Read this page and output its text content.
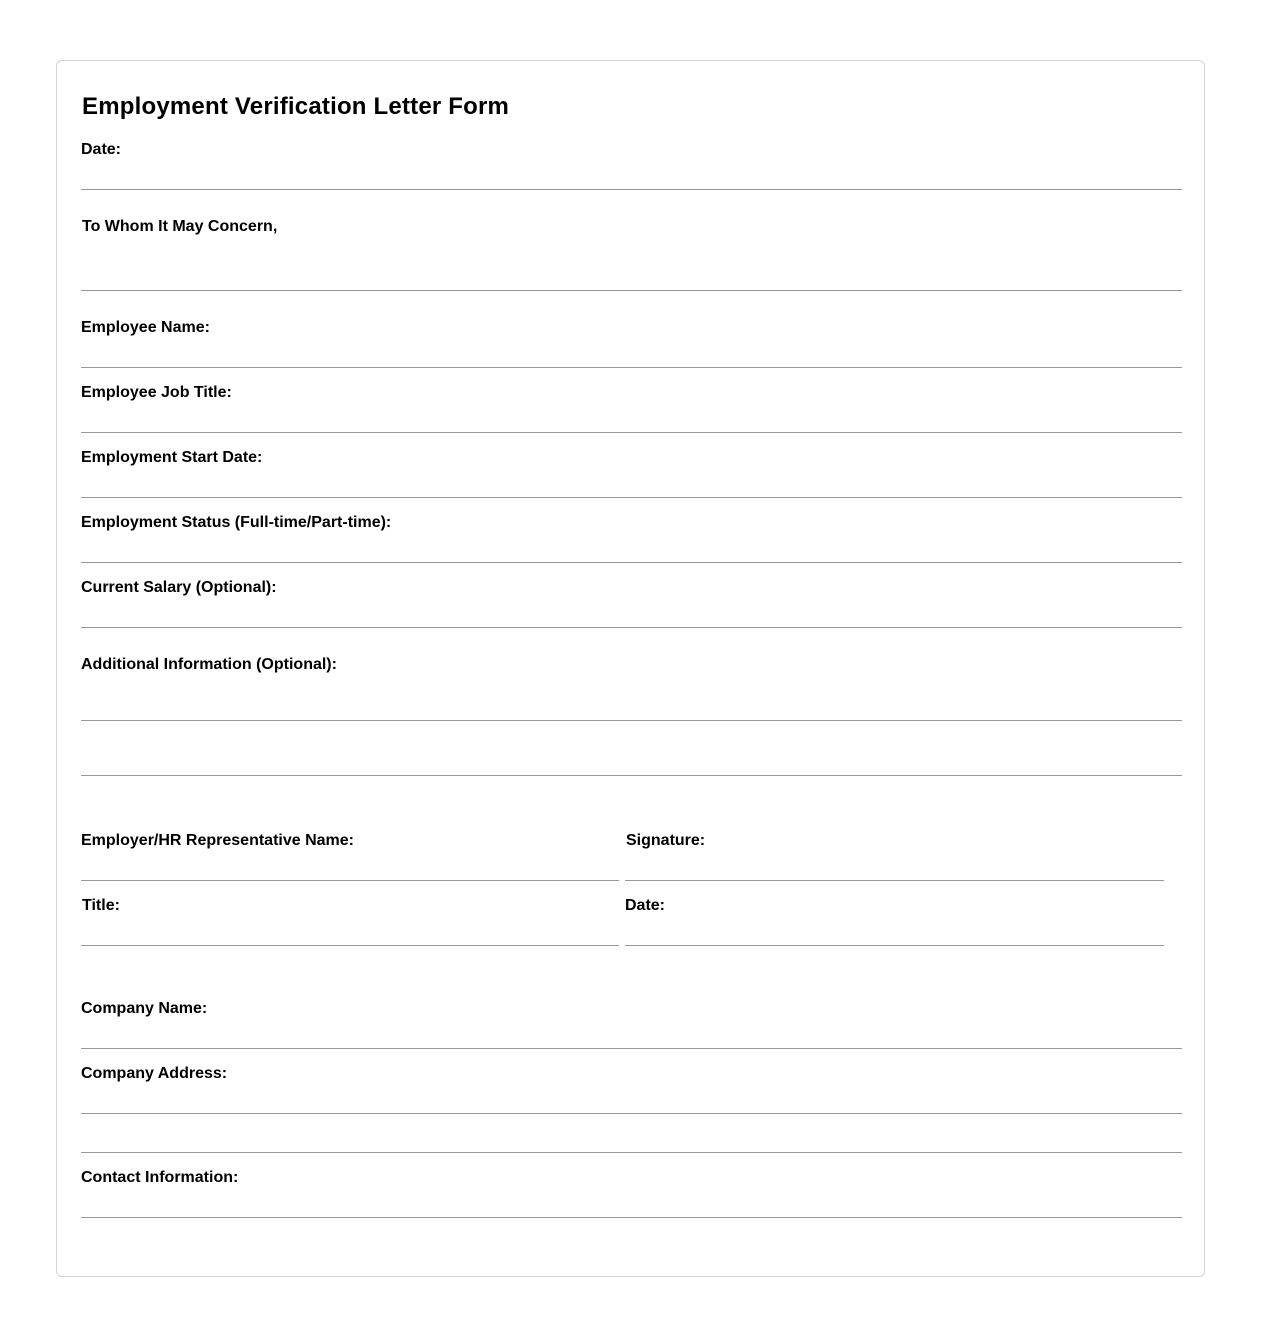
Employment Verification Letter Form
Date:
To Whom It May Concern,
Employee Name:
Employee Job Title:
Employment Start Date:
Employment Status (Full-time/Part-time):
Current Salary (Optional):
Additional Information (Optional):
Employer/HR Representative Name:	Signature:
Title:	Date:
Company Name:
Company Address:
Contact Information:
